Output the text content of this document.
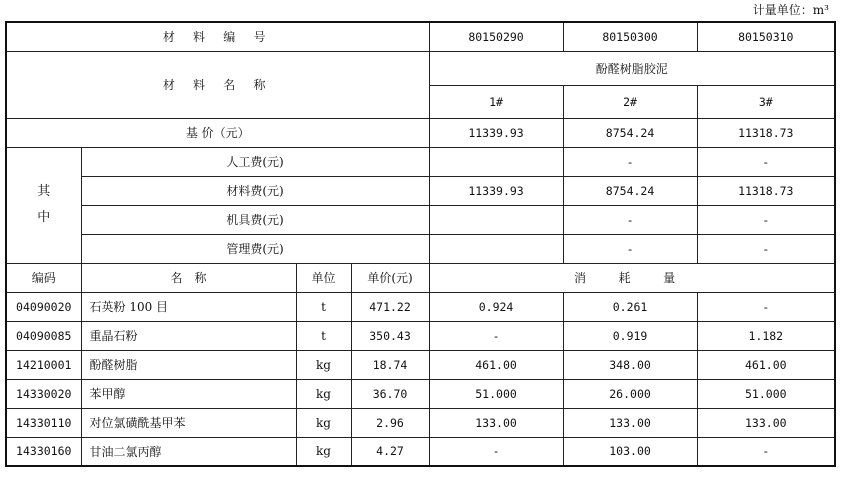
计量单位：m³
材 料 编 号				80150290	80150300	80150310
材 料 名 称				酚醛树脂胶泥		
				1#	2#	3#
基 价（元）				11339.93	8754.24	11318.73
其中	人工费(元)				-	-
	材料费(元)			11339.93	8754.24	11318.73
	机具费(元)				-	-
	管理费(元)				-	-
编码	名　称	单位	单价(元)	消 耗 量		
04090020	石英粉 100 目	t	471.22	0.924	0.261	-
04090085	重晶石粉	t	350.43	-	0.919	1.182
14210001	酚醛树脂	kg	18.74	461.00	348.00	461.00
14330020	苯甲醇	kg	36.70	51.000	26.000	51.000
14330110	对位氯磺酰基甲苯	kg	2.96	133.00	133.00	133.00
14330160	甘油二氯丙醇	kg	4.27	-	103.00	-
